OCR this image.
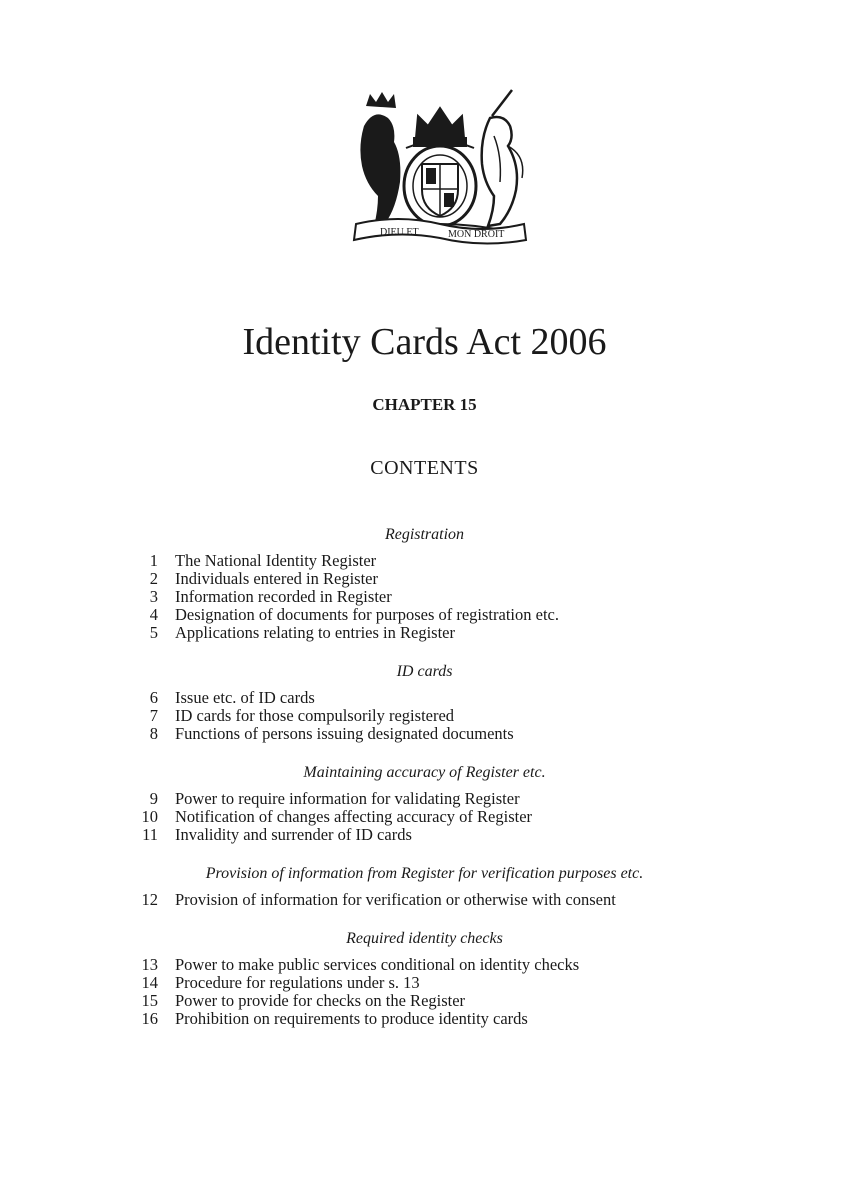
DIEU ET	MON DROIT
Identity Cards Act 2006
CHAPTER 15
CONTENTS
Registration
1 The National Identity Register
2 Individuals entered in Register
3 Information recorded in Register
4 Designation of documents for purposes of registration etc.
5 Applications relating to entries in Register
ID cards
6 Issue etc. of ID cards
7 ID cards for those compulsorily registered
8 Functions of persons issuing designated documents
Maintaining accuracy of Register etc.
9 Power to require information for validating Register
10 Notification of changes affecting accuracy of Register
11 Invalidity and surrender of ID cards
Provision of information from Register for verification purposes etc.
12 Provision of information for verification or otherwise with consent
Required identity checks
13 Power to make public services conditional on identity checks
14 Procedure for regulations under s. 13
15 Power to provide for checks on the Register
16 Prohibition on requirements to produce identity cards
